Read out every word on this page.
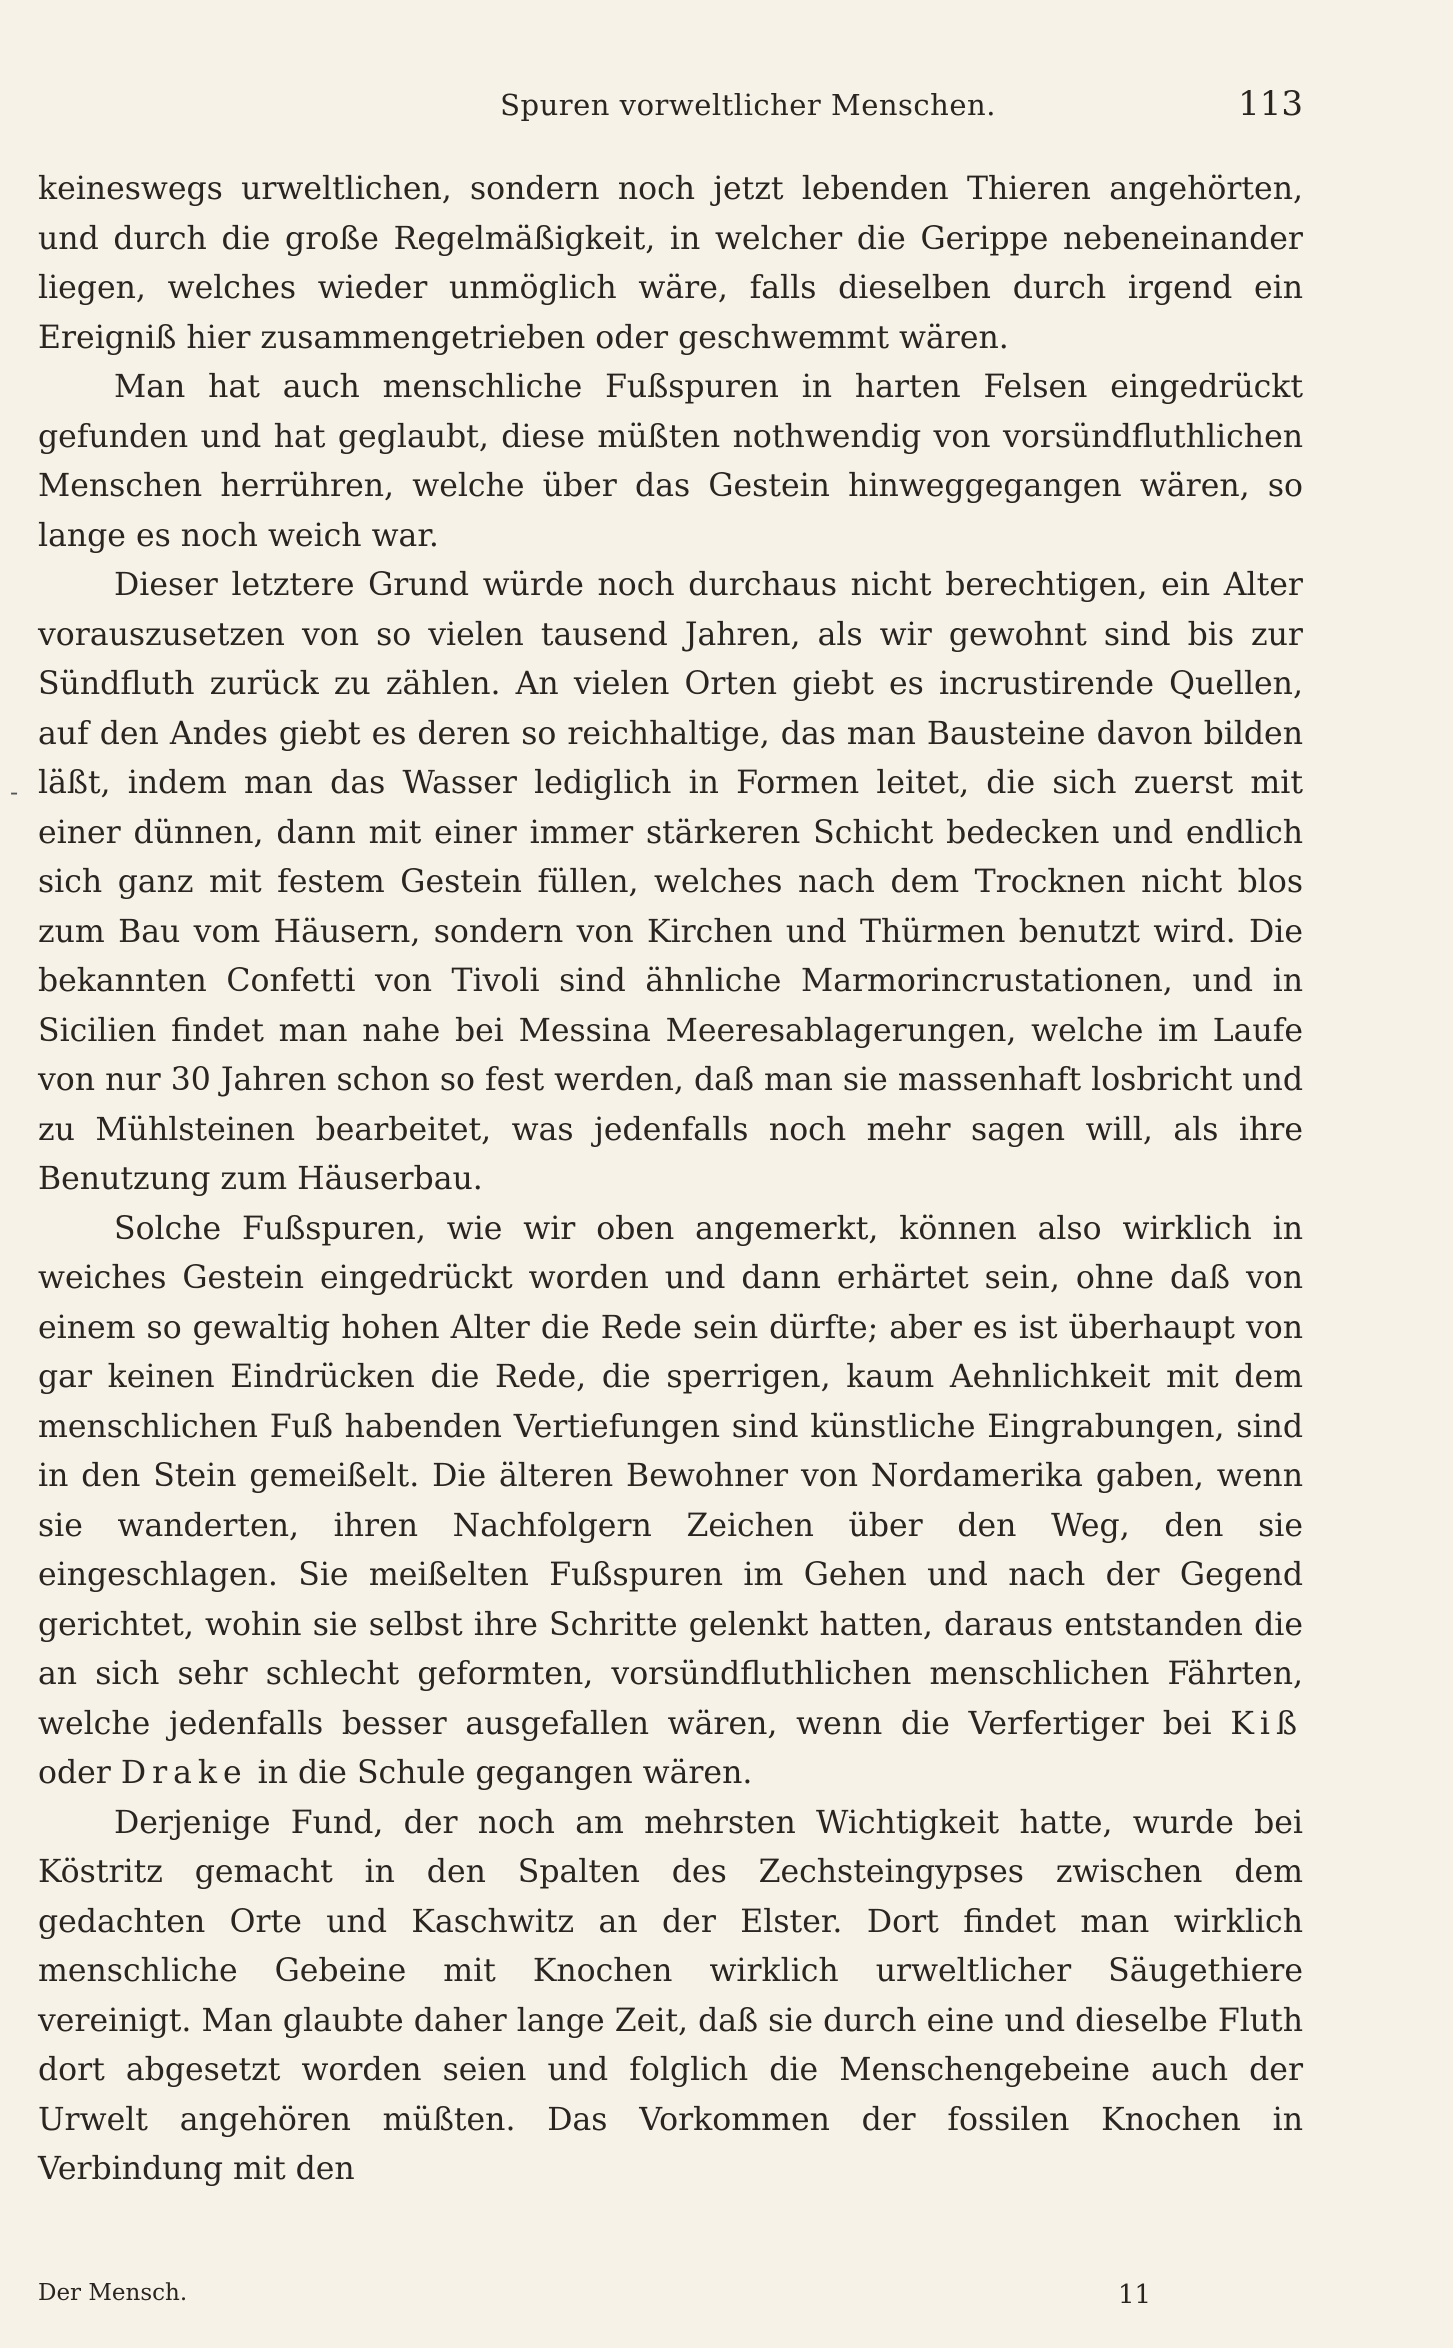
Spuren vorweltlicher Menschen.	113
-

keineswegs urweltlichen, sondern noch jetzt lebenden Thieren angehörten, und durch die große Regelmäßigkeit, in welcher die Gerippe nebeneinander liegen, welches wieder unmöglich wäre, falls dieselben durch irgend ein Ereigniß hier zusammengetrieben oder geschwemmt wären.

Man hat auch menschliche Fußspuren in harten Felsen eingedrückt gefunden und hat geglaubt, diese müßten nothwendig von vorsündfluthlichen Menschen herrühren, welche über das Gestein hinweggegangen wären, so lange es noch weich war.

Dieser letztere Grund würde noch durchaus nicht berechtigen, ein Alter vorauszusetzen von so vielen tausend Jahren, als wir gewohnt sind bis zur Sündfluth zurück zu zählen. An vielen Orten giebt es incrustirende Quellen, auf den Andes giebt es deren so reichhaltige, das man Bausteine davon bilden läßt, indem man das Wasser lediglich in Formen leitet, die sich zuerst mit einer dünnen, dann mit einer immer stärkeren Schicht bedecken und endlich sich ganz mit festem Gestein füllen, welches nach dem Trocknen nicht blos zum Bau vom Häusern, sondern von Kirchen und Thürmen benutzt wird. Die bekannten Confetti von Tivoli sind ähnliche Marmorincrustationen, und in Sicilien findet man nahe bei Messina Meeresablagerungen, welche im Laufe von nur 30 Jahren schon so fest werden, daß man sie massenhaft losbricht und zu Mühlsteinen bearbeitet, was jedenfalls noch mehr sagen will, als ihre Benutzung zum Häuserbau.

Solche Fußspuren, wie wir oben angemerkt, können also wirklich in weiches Gestein eingedrückt worden und dann erhärtet sein, ohne daß von einem so gewaltig hohen Alter die Rede sein dürfte; aber es ist überhaupt von gar keinen Eindrücken die Rede, die sperrigen, kaum Aehnlichkeit mit dem menschlichen Fuß habenden Vertiefungen sind künstliche Eingrabungen, sind in den Stein gemeißelt. Die älteren Bewohner von Nordamerika gaben, wenn sie wanderten, ihren Nachfolgern Zeichen über den Weg, den sie eingeschlagen. Sie meißelten Fußspuren im Gehen und nach der Gegend gerichtet, wohin sie selbst ihre Schritte gelenkt hatten, daraus entstanden die an sich sehr schlecht geformten, vorsündfluthlichen menschlichen Fährten, welche jedenfalls besser ausgefallen wären, wenn die Verfertiger bei Kiß oder Drake in die Schule gegangen wären.

Derjenige Fund, der noch am mehrsten Wichtigkeit hatte, wurde bei Köstritz gemacht in den Spalten des Zechsteingypses zwischen dem gedachten Orte und Kaschwitz an der Elster. Dort findet man wirklich menschliche Gebeine mit Knochen wirklich urweltlicher Säugethiere vereinigt. Man glaubte daher lange Zeit, daß sie durch eine und dieselbe Fluth dort abgesetzt worden seien und folglich die Menschengebeine auch der Urwelt angehören müßten. Das Vorkommen der fossilen Knochen in Verbindung mit den

Der Mensch.	11
